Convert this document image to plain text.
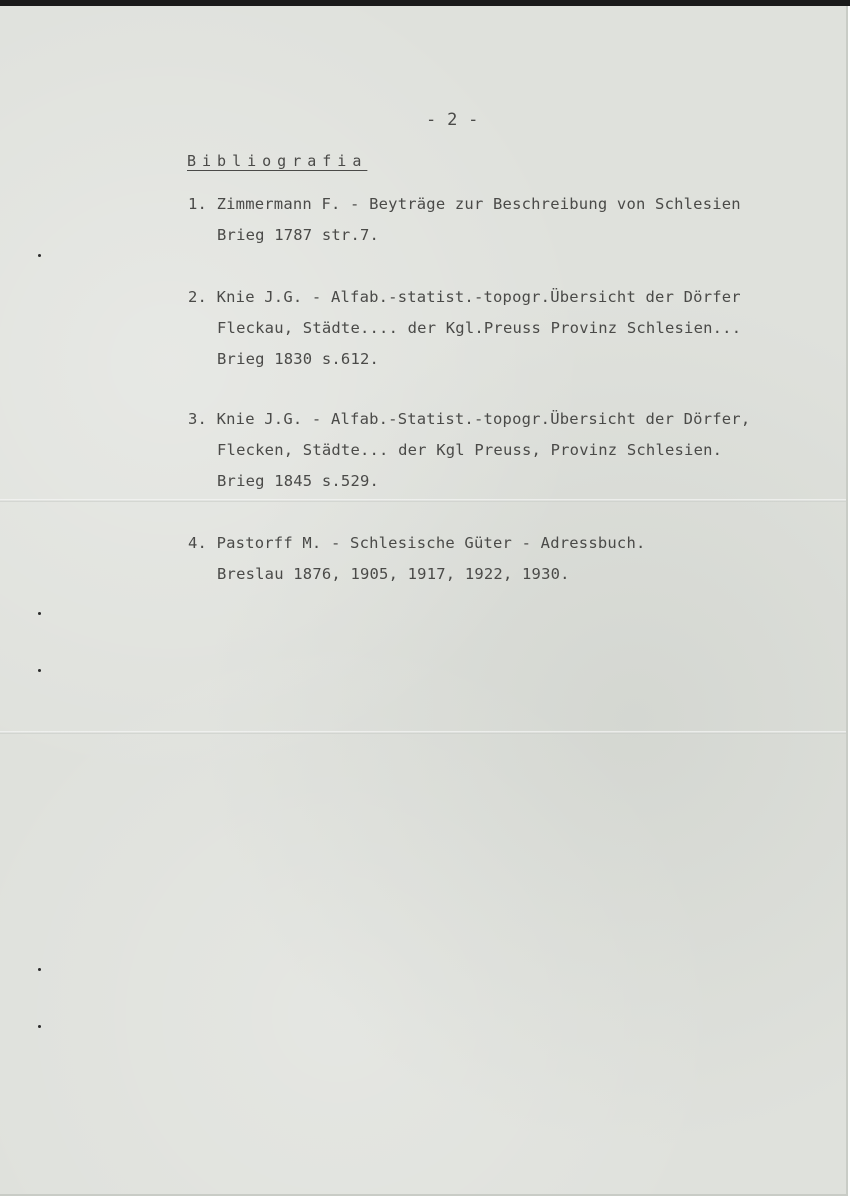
- 2 -
Bibliografia
1. Zimmermann F. - Beyträge zur Beschreibung von Schlesien
Brieg 1787 str.7.
2. Knie J.G. - Alfab.-statist.-topogr.Übersicht der Dörfer
Fleckau, Städte.... der Kgl.Preuss Provinz Schlesien...
Brieg 1830 s.612.
3. Knie J.G. - Alfab.-Statist.-topogr.Übersicht der Dörfer,
Flecken, Städte... der Kgl Preuss, Provinz Schlesien.
Brieg 1845 s.529.
4. Pastorff M. - Schlesische Güter - Adressbuch.
Breslau 1876, 1905, 1917, 1922, 1930.
